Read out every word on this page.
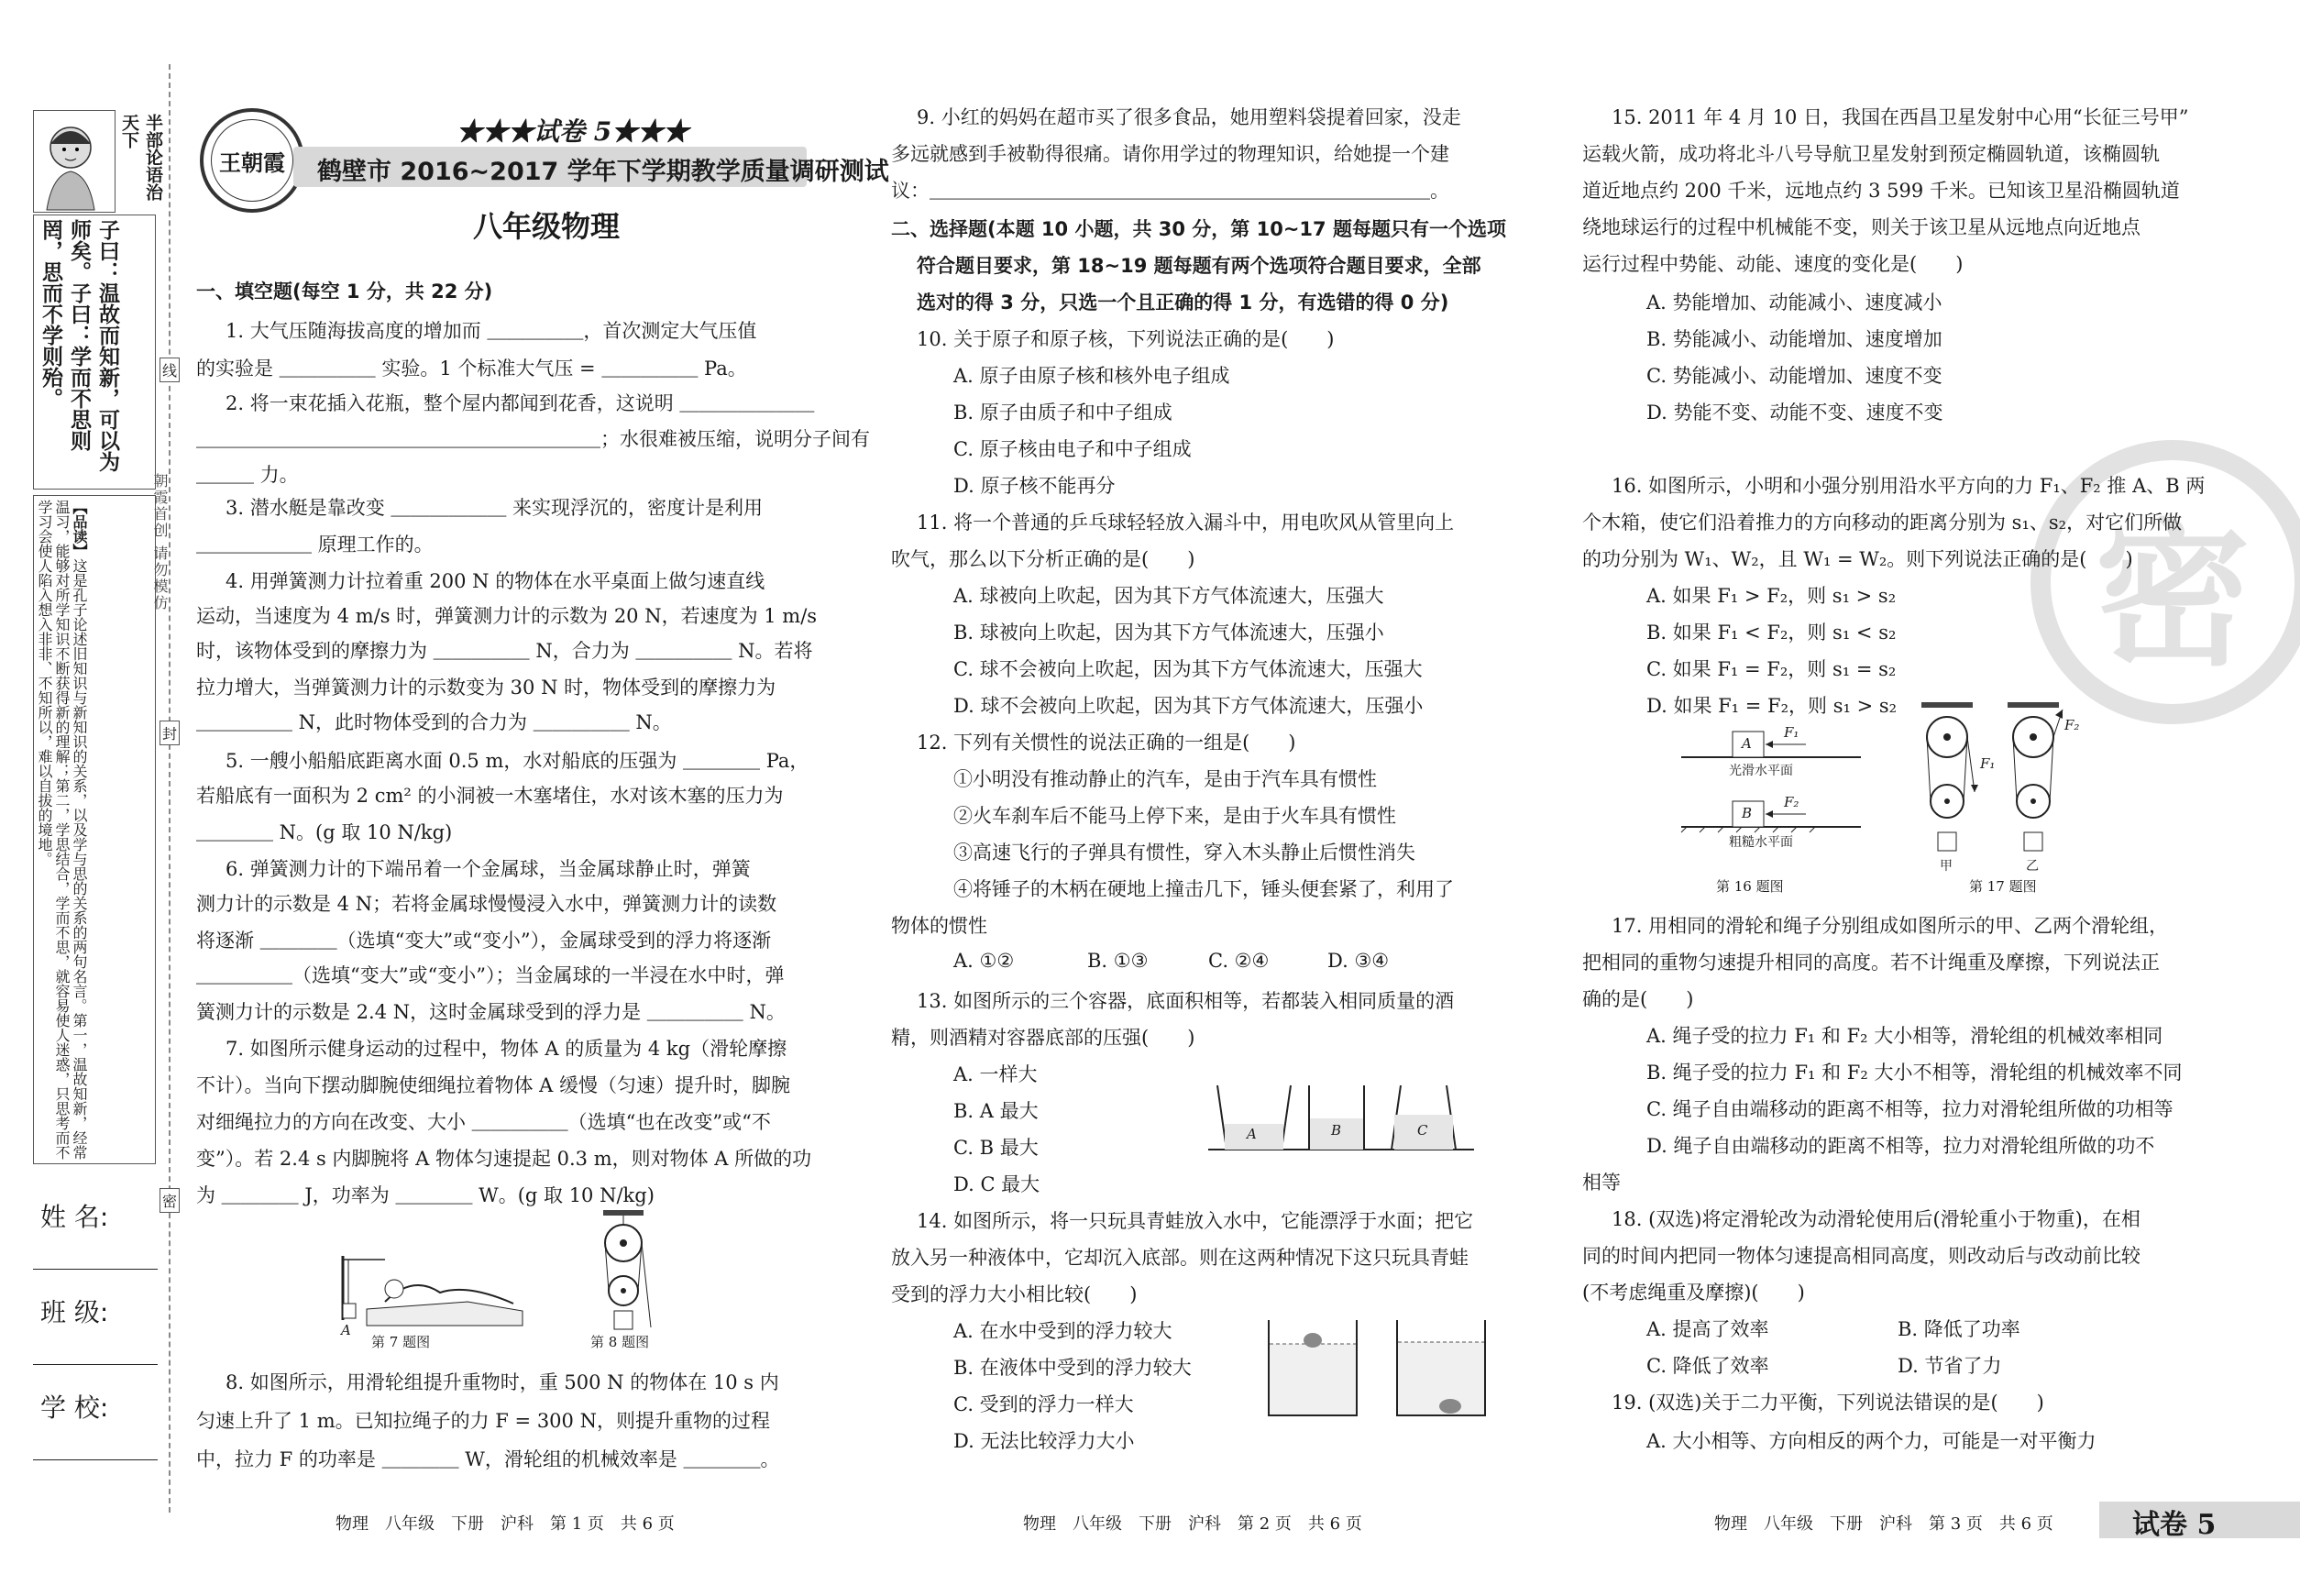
半部论语治天下
子曰：温故而知新，可以为师矣。子曰：学而不思则罔，思而不学则殆。
【品读】这是孔子论述旧知识与新知识的关系，以及学与思的关系的两句名言。第一，温故知新，经常温习，能够对所学知识不断获得新的理解；第二，学思结合，学而不思，就容易使人迷惑，只思考而不学习会使人陷入想入非非、不知所以，难以自拔的境地。	朝霞首创 请勿模仿
线
封
密
姓 名:
班 级:
学 校:
王朝霞
★★★试卷 5★★★
鹤壁市 2016~2017 学年下学期教学质量调研测试
八年级物理
一、填空题(每空 1 分，共 22 分)
1. 大气压随海拔高度的增加而 ＿＿＿＿＿，首次测定大气压值
的实验是 ＿＿＿＿＿ 实验。1 个标准大气压 = ＿＿＿＿＿ Pa。
2. 将一束花插入花瓶，整个屋内都闻到花香，这说明 ＿＿＿＿＿＿＿
＿＿＿＿＿＿＿＿＿＿＿＿＿＿＿＿＿＿＿＿＿；水很难被压缩，说明分子间有
＿＿＿ 力。
3. 潜水艇是靠改变 ＿＿＿＿＿＿ 来实现浮沉的，密度计是利用
＿＿＿＿＿＿ 原理工作的。
4. 用弹簧测力计拉着重 200 N 的物体在水平桌面上做匀速直线
运动，当速度为 4 m/s 时，弹簧测力计的示数为 20 N，若速度为 1 m/s
时，该物体受到的摩擦力为 ＿＿＿＿＿ N，合力为 ＿＿＿＿＿ N。若将
拉力增大，当弹簧测力计的示数变为 30 N 时，物体受到的摩擦力为
＿＿＿＿＿ N，此时物体受到的合力为 ＿＿＿＿＿ N。
5. 一艘小船船底距离水面 0.5 m，水对船底的压强为 ＿＿＿＿ Pa，
若船底有一面积为 2 cm² 的小洞被一木塞堵住，水对该木塞的压力为
＿＿＿＿ N。(g 取 10 N/kg)
6. 弹簧测力计的下端吊着一个金属球，当金属球静止时，弹簧
测力计的示数是 4 N；若将金属球慢慢浸入水中，弹簧测力计的读数
将逐渐 ＿＿＿＿（选填“变大”或“变小”），金属球受到的浮力将逐渐
＿＿＿＿＿（选填“变大”或“变小”）；当金属球的一半浸在水中时，弹
簧测力计的示数是 2.4 N，这时金属球受到的浮力是 ＿＿＿＿＿ N。
7. 如图所示健身运动的过程中，物体 A 的质量为 4 kg（滑轮摩擦
不计）。当向下摆动脚腕使细绳拉着物体 A 缓慢（匀速）提升时，脚腕
对细绳拉力的方向在改变、大小 ＿＿＿＿＿（选填“也在改变”或“不
变”）。若 2.4 s 内脚腕将 A 物体匀速提起 0.3 m，则对物体 A 所做的功
为 ＿＿＿＿ J，功率为 ＿＿＿＿ W。(g 取 10 N/kg)
A
第 7 题图	第 8 题图
8. 如图所示，用滑轮组提升重物时，重 500 N 的物体在 10 s 内
匀速上升了 1 m。已知拉绳子的力 F = 300 N，则提升重物的过程
中，拉力 F 的功率是 ＿＿＿＿ W，滑轮组的机械效率是 ＿＿＿＿。
物理　八年级　下册　沪科　第 1 页　共 6 页
9. 小红的妈妈在超市买了很多食品，她用塑料袋提着回家，没走
多远就感到手被勒得很痛。请你用学过的物理知识，给她提一个建
议：＿＿＿＿＿＿＿＿＿＿＿＿＿＿＿＿＿＿＿＿＿＿＿＿＿＿。
二、选择题(本题 10 小题，共 30 分，第 10~17 题每题只有一个选项
符合题目要求，第 18~19 题每题有两个选项符合题目要求，全部
选对的得 3 分，只选一个且正确的得 1 分，有选错的得 0 分)
10. 关于原子和原子核，下列说法正确的是(　　)
A. 原子由原子核和核外电子组成
B. 原子由质子和中子组成
C. 原子核由电子和中子组成
D. 原子核不能再分
11. 将一个普通的乒乓球轻轻放入漏斗中，用电吹风从管里向上
吹气，那么以下分析正确的是(　　)
A. 球被向上吹起，因为其下方气体流速大，压强大
B. 球被向上吹起，因为其下方气体流速大，压强小
C. 球不会被向上吹起，因为其下方气体流速大，压强大
D. 球不会被向上吹起，因为其下方气体流速大，压强小
12. 下列有关惯性的说法正确的一组是(　　)
①小明没有推动静止的汽车，是由于汽车具有惯性
②火车刹车后不能马上停下来，是由于火车具有惯性
③高速飞行的子弹具有惯性，穿入木头静止后惯性消失
④将锤子的木柄在硬地上撞击几下，锤头便套紧了，利用了
物体的惯性
A. ①②	B. ①③	C. ②④	D. ③④
13. 如图所示的三个容器，底面积相等，若都装入相同质量的酒
精，则酒精对容器底部的压强(　　)
A. 一样大
B. A 最大
C. B 最大
D. C 最大
14. 如图所示，将一只玩具青蛙放入水中，它能漂浮于水面；把它
放入另一种液体中，它却沉入底部。则在这两种情况下这只玩具青蛙
受到的浮力大小相比较(　　)
A. 在水中受到的浮力较大
B. 在液体中受到的浮力较大
C. 受到的浮力一样大
D. 无法比较浮力大小
A	B	C
物理　八年级　下册　沪科　第 2 页　共 6 页
密
15. 2011 年 4 月 10 日，我国在西昌卫星发射中心用“长征三号甲”
运载火箭，成功将北斗八号导航卫星发射到预定椭圆轨道，该椭圆轨
道近地点约 200 千米，远地点约 3 599 千米。已知该卫星沿椭圆轨道
绕地球运行的过程中机械能不变，则关于该卫星从远地点向近地点
运行过程中势能、动能、速度的变化是(　　)
A. 势能增加、动能减小、速度减小
B. 势能减小、动能增加、速度增加
C. 势能减小、动能增加、速度不变
D. 势能不变、动能不变、速度不变
16. 如图所示，小明和小强分别用沿水平方向的力 F₁、F₂ 推 A、B 两
个木箱，使它们沿着推力的方向移动的距离分别为 s₁、s₂，对它们所做
的功分别为 W₁、W₂，且 W₁ = W₂。则下列说法正确的是(　　)
A. 如果 F₁ > F₂，则 s₁ > s₂
B. 如果 F₁ < F₂，则 s₁ < s₂
C. 如果 F₁ = F₂，则 s₁ = s₂
D. 如果 F₁ = F₂，则 s₁ > s₂
17. 用相同的滑轮和绳子分别组成如图所示的甲、乙两个滑轮组，
把相同的重物匀速提升相同的高度。若不计绳重及摩擦，下列说法正
确的是(　　)
A. 绳子受的拉力 F₁ 和 F₂ 大小相等，滑轮组的机械效率相同
B. 绳子受的拉力 F₁ 和 F₂ 大小不相等，滑轮组的机械效率不同
C. 绳子自由端移动的距离不相等，拉力对滑轮组所做的功相等
D. 绳子自由端移动的距离不相等，拉力对滑轮组所做的功不
相等
18. (双选)将定滑轮改为动滑轮使用后(滑轮重小于物重)，在相
同的时间内把同一物体匀速提高相同高度，则改动后与改动前比较
(不考虑绳重及摩擦)(　　)
A. 提高了效率	B. 降低了功率
C. 降低了效率	D. 节省了力
19. (双选)关于二力平衡，下列说法错误的是(　　)
A. 大小相等、方向相反的两个力，可能是一对平衡力
A
F₁
光滑水平面
B
F₂
粗糙水平面
第 16 题图
F₁
F₂
甲	乙
第 17 题图
物理　八年级　下册　沪科　第 3 页　共 6 页	试卷 5
